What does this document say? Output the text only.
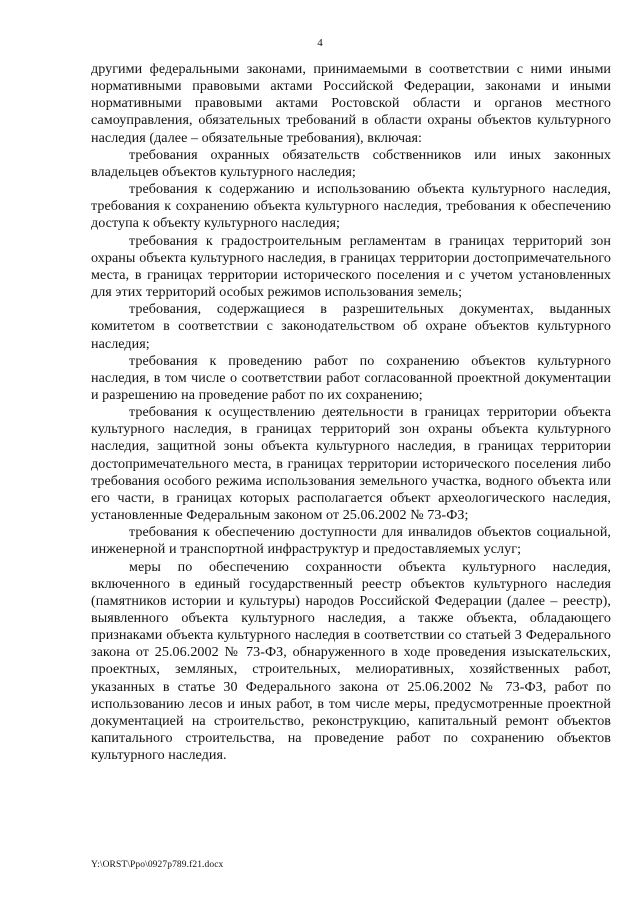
4

другими федеральными законами, принимаемыми в соответствии с ними иными нормативными правовыми актами Российской Федерации, законами и иными нормативными правовыми актами Ростовской области и органов местного самоуправления, обязательных требований в области охраны объектов культурного наследия (далее – обязательные требования), включая:

требования охранных обязательств собственников или иных законных владельцев объектов культурного наследия;

требования к содержанию и использованию объекта культурного наследия, требования к сохранению объекта культурного наследия, требования к обеспечению доступа к объекту культурного наследия;

требования к градостроительным регламентам в границах территорий зон охраны объекта культурного наследия, в границах территории достопримечательного места, в границах территории исторического поселения и с учетом установленных для этих территорий особых режимов использования земель;

требования, содержащиеся в разрешительных документах, выданных комитетом в соответствии с законодательством об охране объектов культурного наследия;

требования к проведению работ по сохранению объектов культурного наследия, в том числе о соответствии работ согласованной проектной документации и разрешению на проведение работ по их сохранению;

требования к осуществлению деятельности в границах территории объекта культурного наследия, в границах территорий зон охраны объекта культурного наследия, защитной зоны объекта культурного наследия, в границах территории достопримечательного места, в границах территории исторического поселения либо требования особого режима использования земельного участка, водного объекта или его части, в границах которых располагается объект археологического наследия, установленные Федеральным законом от 25.06.2002 № 73-ФЗ;

требования к обеспечению доступности для инвалидов объектов социальной, инженерной и транспортной инфраструктур и предоставляемых услуг;

меры по обеспечению сохранности объекта культурного наследия, включенного в единый государственный реестр объектов культурного наследия (памятников истории и культуры) народов Российской Федерации (далее – реестр), выявленного объекта культурного наследия, а также объекта, обладающего признаками объекта культурного наследия в соответствии со статьей 3 Федерального закона от 25.06.2002 № 73-ФЗ, обнаруженного в ходе проведения изыскательских, проектных, земляных, строительных, мелиоративных, хозяйственных работ, указанных в статье 30 Федерального закона от 25.06.2002 № 73-ФЗ, работ по использованию лесов и иных работ, в том числе меры, предусмотренные проектной документацией на строительство, реконструкцию, капитальный ремонт объектов капитального строительства, на проведение работ по сохранению объектов культурного наследия.

Y:\ORST\Ppo\0927p789.f21.docx
